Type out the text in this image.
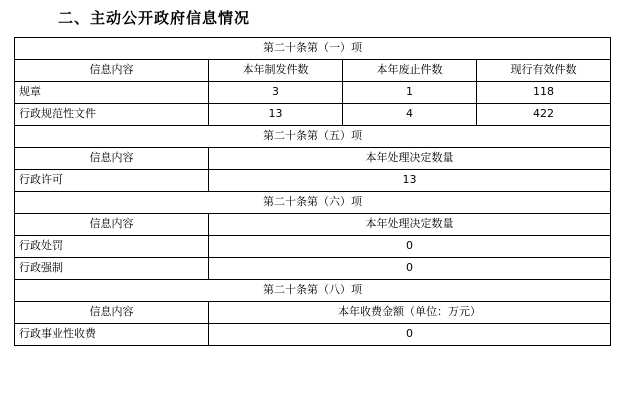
二、主动公开政府信息情况
第二十条第（一）项			
信息内容	本年制发件数	本年废止件数	现行有效件数
规章	3	1	118
行政规范性文件	13	4	422
第二十条第（五）项			
信息内容	本年处理决定数量		
行政许可	13		
第二十条第（六）项			
信息内容	本年处理决定数量		
行政处罚	0		
行政强制	0		
第二十条第（八）项			
信息内容	本年收费金额（单位：万元）		
行政事业性收费	0		
